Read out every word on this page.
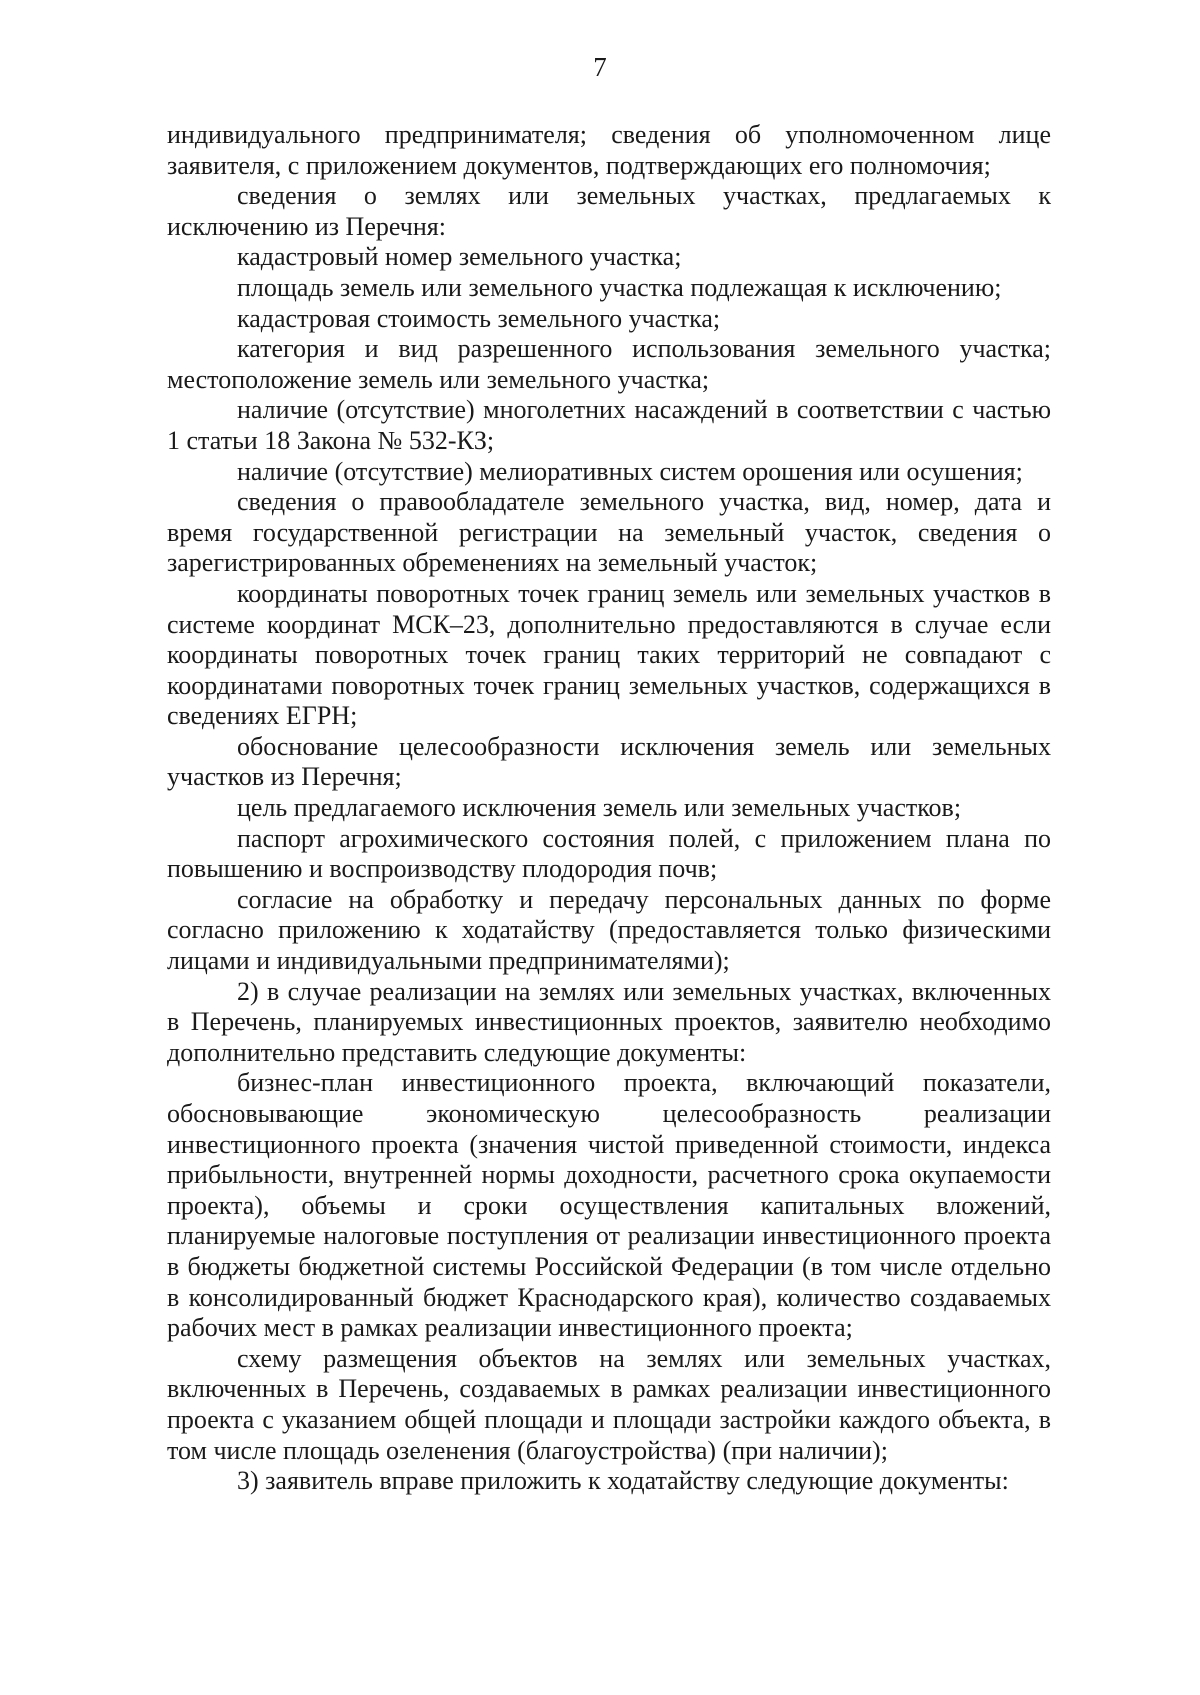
7

индивидуального предпринимателя; сведения об уполномоченном лице заявителя, с приложением документов, подтверждающих его полномочия;

сведения о землях или земельных участках, предлагаемых к исключению из Перечня:

кадастровый номер земельного участка;

площадь земель или земельного участка подлежащая к исключению;

кадастровая стоимость земельного участка;

категория и вид разрешенного использования земельного участка; местоположение земель или земельного участка;

наличие (отсутствие) многолетних насаждений в соответствии с частью 1 статьи 18 Закона № 532-КЗ;

наличие (отсутствие) мелиоративных систем орошения или осушения;

сведения о правообладателе земельного участка, вид, номер, дата и время государственной регистрации на земельный участок, сведения о зарегистрированных обременениях на земельный участок;

координаты поворотных точек границ земель или земельных участков в системе координат МСК–23, дополнительно предоставляются в случае если координаты поворотных точек границ таких территорий не совпадают с координатами поворотных точек границ земельных участков, содержащихся в сведениях ЕГРН;

обоснование целесообразности исключения земель или земельных участков из Перечня;

цель предлагаемого исключения земель или земельных участков;

паспорт агрохимического состояния полей, с приложением плана по повышению и воспроизводству плодородия почв;

согласие на обработку и передачу персональных данных по форме согласно приложению к ходатайству (предоставляется только физическими лицами и индивидуальными предпринимателями);

2) в случае реализации на землях или земельных участках, включенных в Перечень, планируемых инвестиционных проектов, заявителю необходимо дополнительно представить следующие документы:

бизнес-план инвестиционного проекта, включающий показатели, обосновывающие экономическую целесообразность реализации инвестиционного проекта (значения чистой приведенной стоимости, индекса прибыльности, внутренней нормы доходности, расчетного срока окупаемости проекта), объемы и сроки осуществления капитальных вложений, планируемые налоговые поступления от реализации инвестиционного проекта в бюджеты бюджетной системы Российской Федерации (в том числе отдельно в консолидированный бюджет Краснодарского края), количество создаваемых рабочих мест в рамках реализации инвестиционного проекта;

схему размещения объектов на землях или земельных участках, включенных в Перечень, создаваемых в рамках реализации инвестиционного проекта с указанием общей площади и площади застройки каждого объекта, в том числе площадь озеленения (благоустройства) (при наличии);

3) заявитель вправе приложить к ходатайству следующие документы:
